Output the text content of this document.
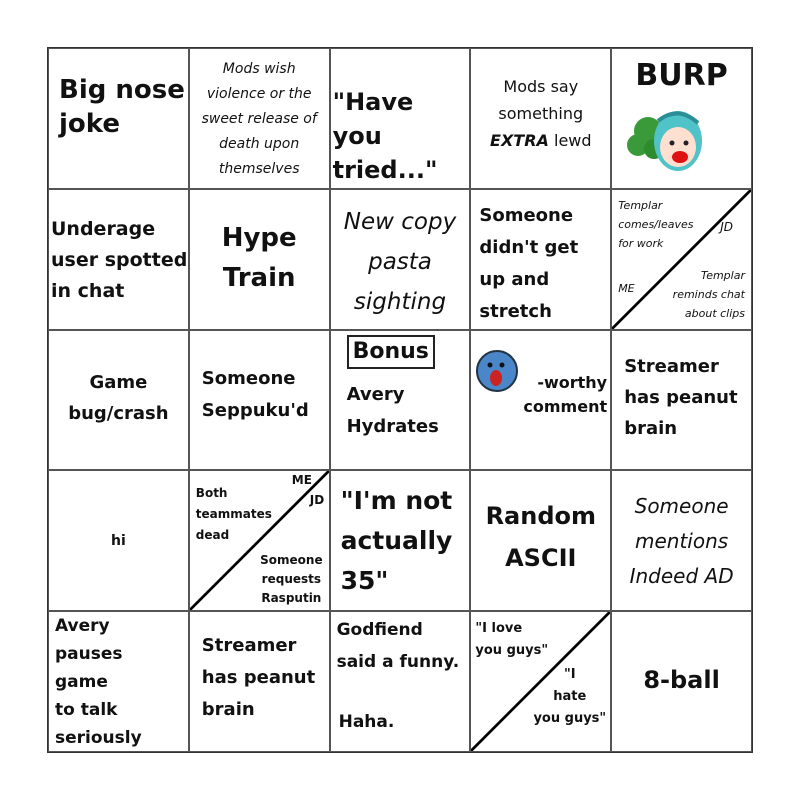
Big nose
joke
Mods wish
violence or the
sweet release of
death upon
themselves
"Have you
tried..."
Mods say
something
EXTRA lewd
BURP
Underage
user spotted
in chat
Hype
Train
New copy
pasta
sighting
Someone
didn't get
up and
stretch
Templar
comes/leaves
for work
JD
ME
Templar
reminds chat
about clips
Game
bug/crash
Someone
Seppuku'd
Bonus
Avery
Hydrates
-worthy
comment
Streamer
has peanut
brain
hi
Both
teammates
dead
ME
JD
Someone
requests
Rasputin
"I'm not
actually
35"
Random
ASCII
Someone
mentions
Indeed AD
Avery
pauses
game
to talk
seriously
Streamer
has peanut
brain
Godfiend
said a funny.
Haha.
"I love
you guys"
"I
hate
you guys"
8-ball
